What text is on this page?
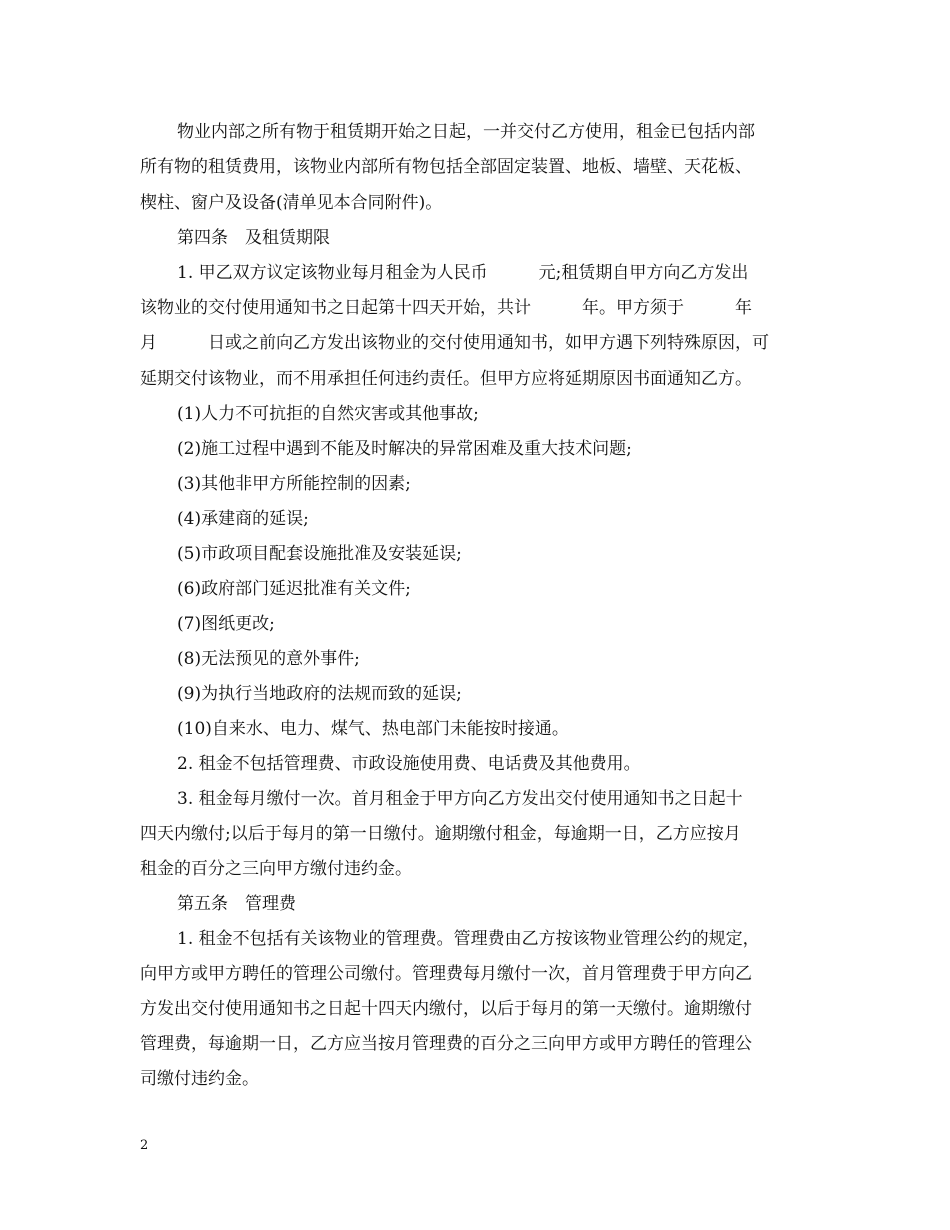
物业内部之所有物于租赁期开始之日起，一并交付乙方使用，租金已包括内部
所有物的租赁费用，该物业内部所有物包括全部固定装置、地板、墙壁、天花板、
楔柱、窗户及设备(清单见本合同附件)。
第四条　及租赁期限
1. 甲乙双方议定该物业每月租金为人民币　　　元;租赁期自甲方向乙方发出
该物业的交付使用通知书之日起第十四天开始，共计　　　年。甲方须于　　　年
月　　　日或之前向乙方发出该物业的交付使用通知书，如甲方遇下列特殊原因，可
延期交付该物业，而不用承担任何违约责任。但甲方应将延期原因书面通知乙方。
(1)人力不可抗拒的自然灾害或其他事故;
(2)施工过程中遇到不能及时解决的异常困难及重大技术问题;
(3)其他非甲方所能控制的因素;
(4)承建商的延误;
(5)市政项目配套设施批准及安装延误;
(6)政府部门延迟批准有关文件;
(7)图纸更改;
(8)无法预见的意外事件;
(9)为执行当地政府的法规而致的延误;
(10)自来水、电力、煤气、热电部门未能按时接通。
2. 租金不包括管理费、市政设施使用费、电话费及其他费用。
3. 租金每月缴付一次。首月租金于甲方向乙方发出交付使用通知书之日起十
四天内缴付;以后于每月的第一日缴付。逾期缴付租金，每逾期一日，乙方应按月
租金的百分之三向甲方缴付违约金。
第五条　管理费
1. 租金不包括有关该物业的管理费。管理费由乙方按该物业管理公约的规定，
向甲方或甲方聘任的管理公司缴付。管理费每月缴付一次，首月管理费于甲方向乙
方发出交付使用通知书之日起十四天内缴付，以后于每月的第一天缴付。逾期缴付
管理费，每逾期一日，乙方应当按月管理费的百分之三向甲方或甲方聘任的管理公
司缴付违约金。
2
